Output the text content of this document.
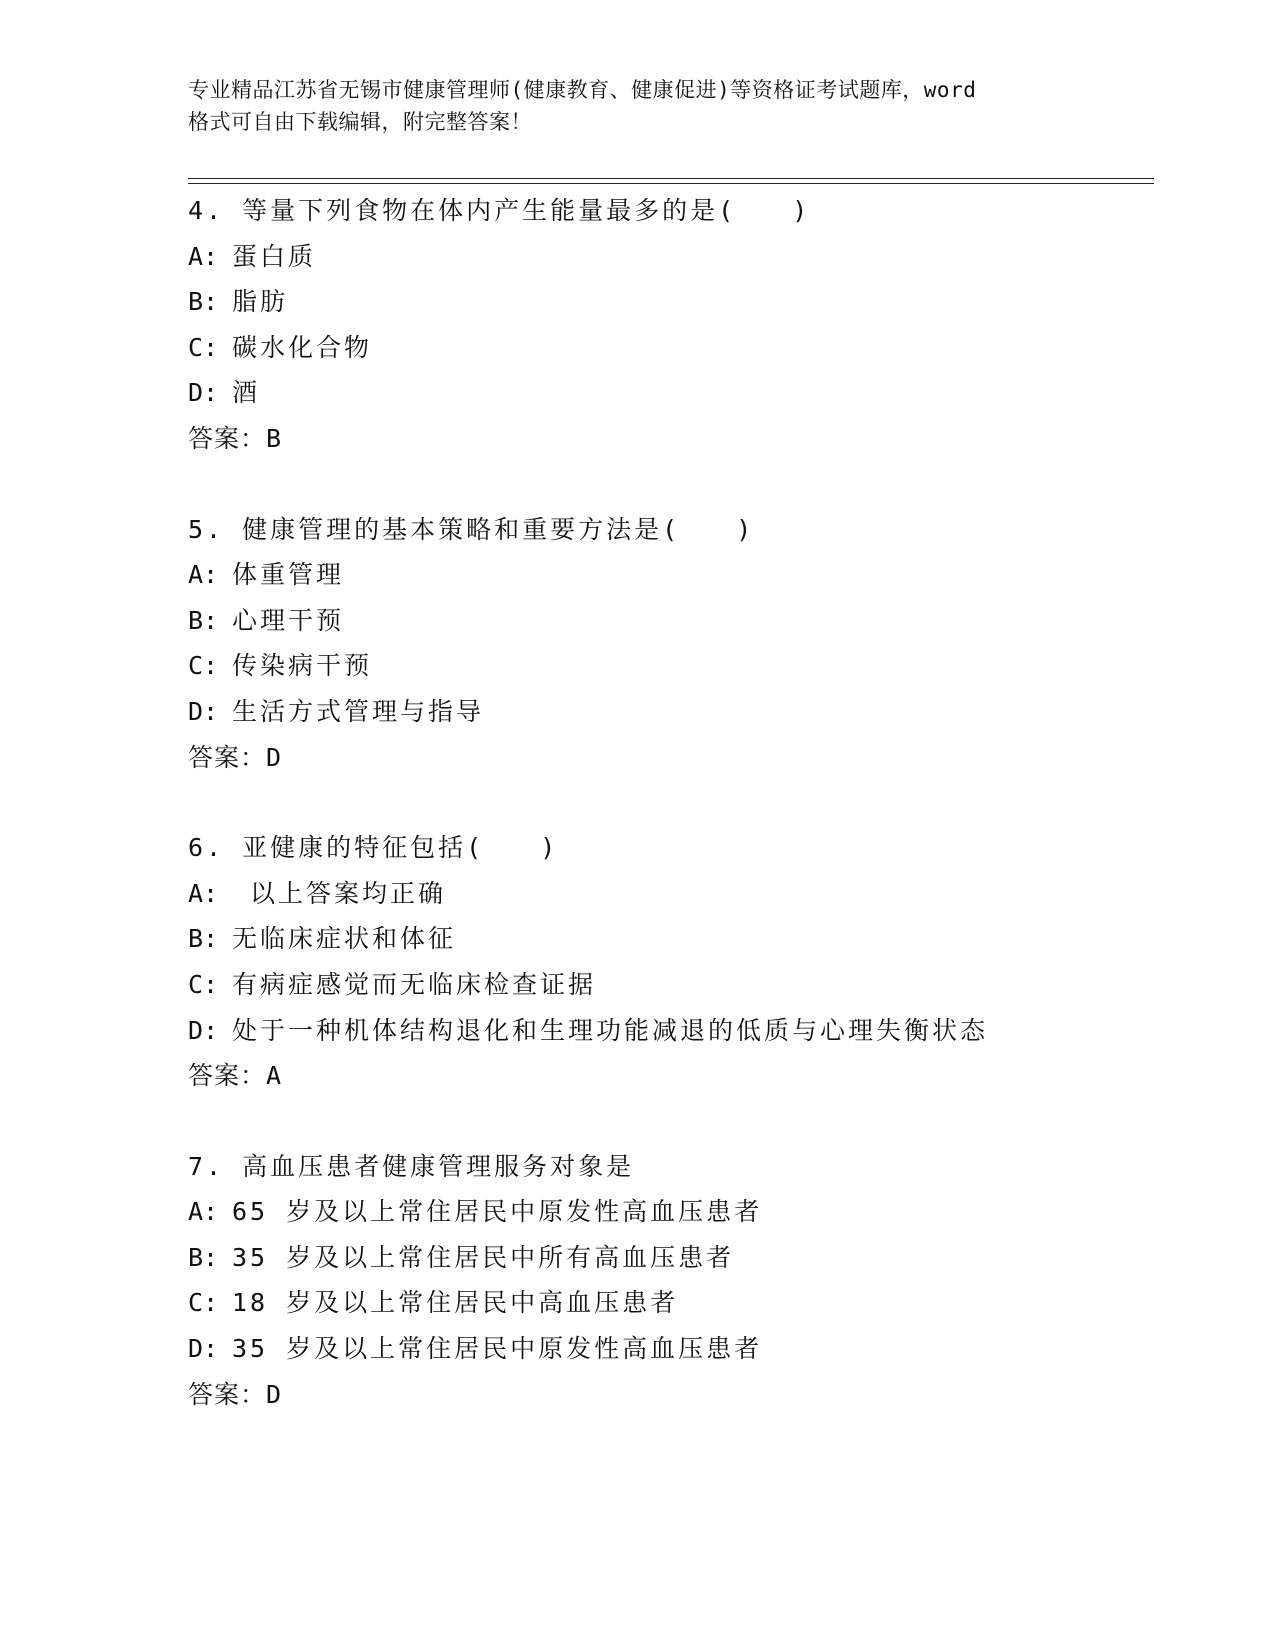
专业精品江苏省无锡市健康管理师(健康教育、健康促进)等资格证考试题库，word
格式可自由下载编辑，附完整答案！
4. 等量下列食物在体内产生能量最多的是(　　)
A: 蛋白质
B: 脂肪
C: 碳水化合物
D: 酒
答案：B
5. 健康管理的基本策略和重要方法是(　　)
A: 体重管理
B: 心理干预
C: 传染病干预
D: 生活方式管理与指导
答案：D
6. 亚健康的特征包括(　　)
A: 以上答案均正确
B: 无临床症状和体征
C: 有病症感觉而无临床检查证据
D: 处于一种机体结构退化和生理功能减退的低质与心理失衡状态
答案：A
7. 高血压患者健康管理服务对象是
A: 65 岁及以上常住居民中原发性高血压患者
B: 35 岁及以上常住居民中所有高血压患者
C: 18 岁及以上常住居民中高血压患者
D: 35 岁及以上常住居民中原发性高血压患者
答案：D
